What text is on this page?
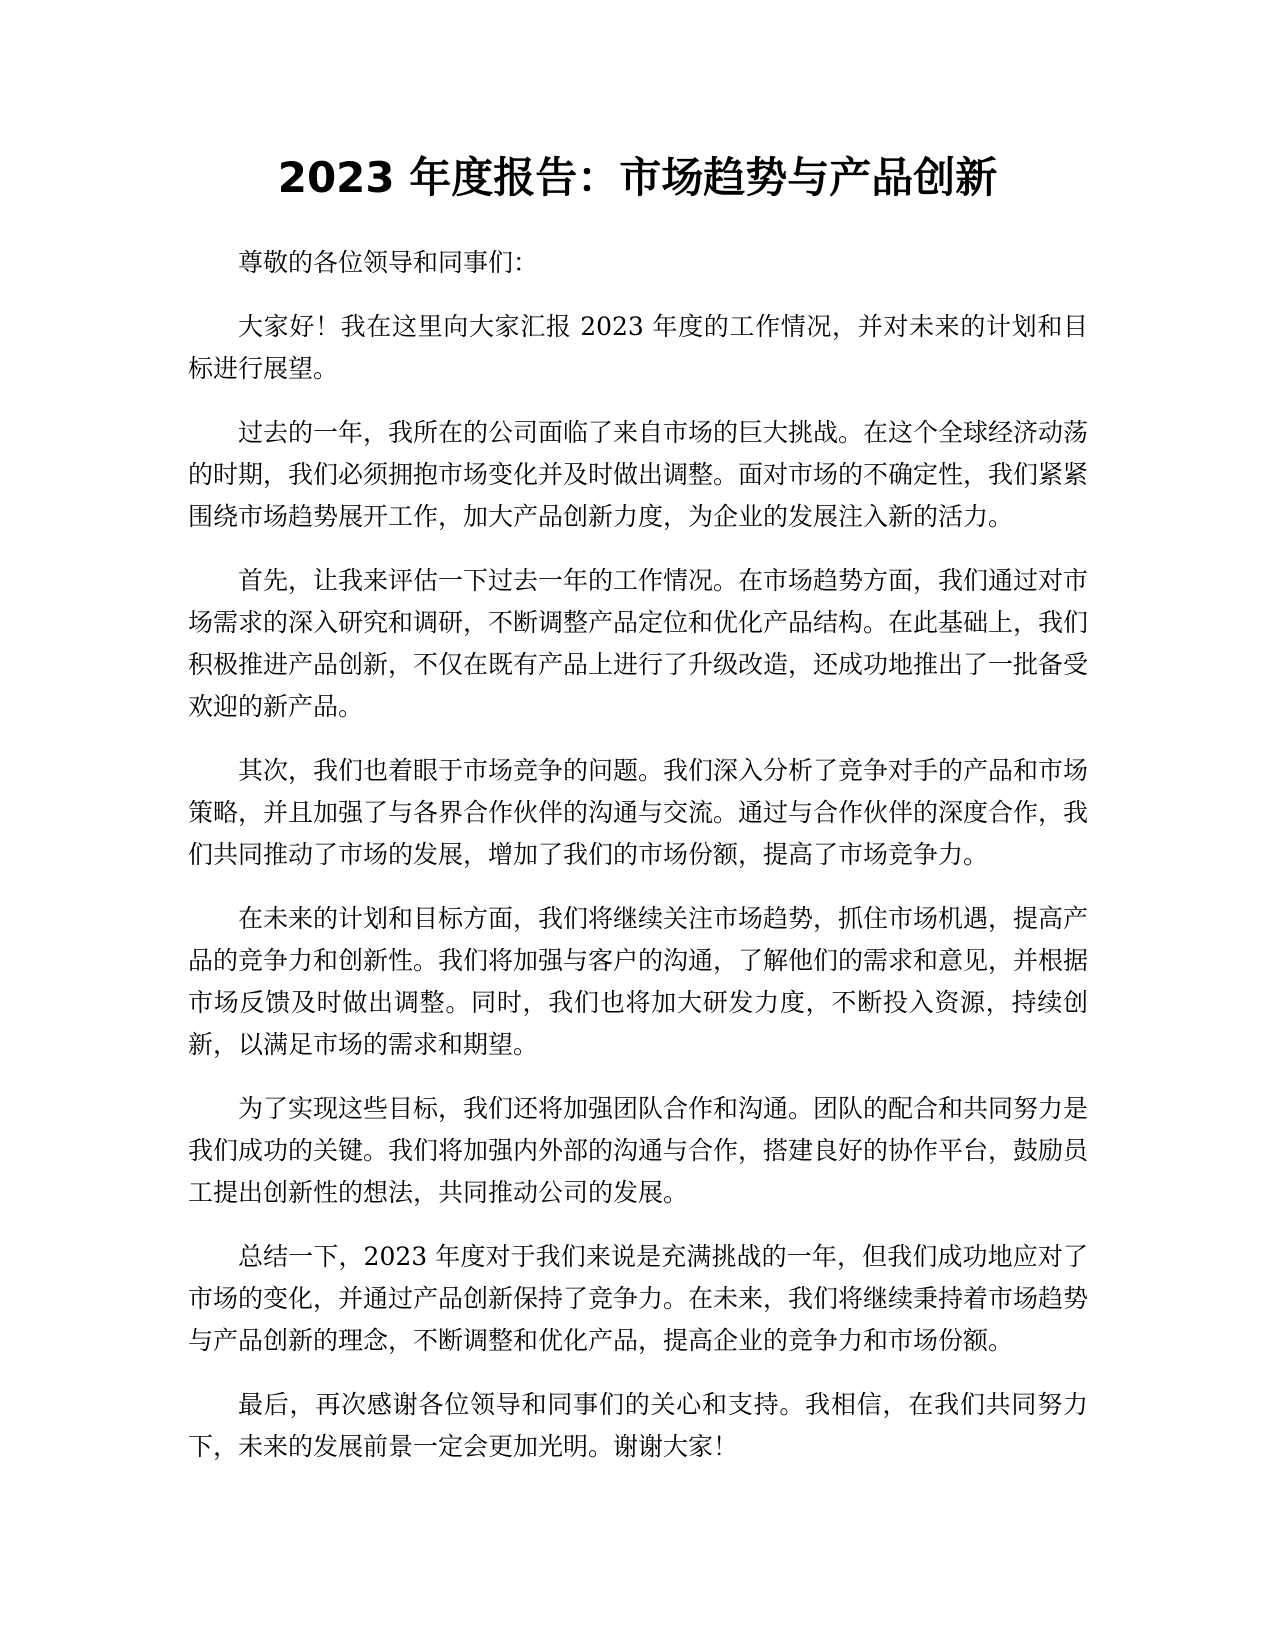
2023 年度报告：市场趋势与产品创新

尊敬的各位领导和同事们：

大家好！我在这里向大家汇报 2023 年度的工作情况，并对未来的计划和目标进行展望。

过去的一年，我所在的公司面临了来自市场的巨大挑战。在这个全球经济动荡的时期，我们必须拥抱市场变化并及时做出调整。面对市场的不确定性，我们紧紧围绕市场趋势展开工作，加大产品创新力度，为企业的发展注入新的活力。

首先，让我来评估一下过去一年的工作情况。在市场趋势方面，我们通过对市场需求的深入研究和调研，不断调整产品定位和优化产品结构。在此基础上，我们积极推进产品创新，不仅在既有产品上进行了升级改造，还成功地推出了一批备受欢迎的新产品。

其次，我们也着眼于市场竞争的问题。我们深入分析了竞争对手的产品和市场策略，并且加强了与各界合作伙伴的沟通与交流。通过与合作伙伴的深度合作，我们共同推动了市场的发展，增加了我们的市场份额，提高了市场竞争力。

在未来的计划和目标方面，我们将继续关注市场趋势，抓住市场机遇，提高产品的竞争力和创新性。我们将加强与客户的沟通，了解他们的需求和意见，并根据市场反馈及时做出调整。同时，我们也将加大研发力度，不断投入资源，持续创新，以满足市场的需求和期望。

为了实现这些目标，我们还将加强团队合作和沟通。团队的配合和共同努力是我们成功的关键。我们将加强内外部的沟通与合作，搭建良好的协作平台，鼓励员工提出创新性的想法，共同推动公司的发展。

总结一下，2023 年度对于我们来说是充满挑战的一年，但我们成功地应对了市场的变化，并通过产品创新保持了竞争力。在未来，我们将继续秉持着市场趋势与产品创新的理念，不断调整和优化产品，提高企业的竞争力和市场份额。

最后，再次感谢各位领导和同事们的关心和支持。我相信，在我们共同努力下，未来的发展前景一定会更加光明。谢谢大家！
